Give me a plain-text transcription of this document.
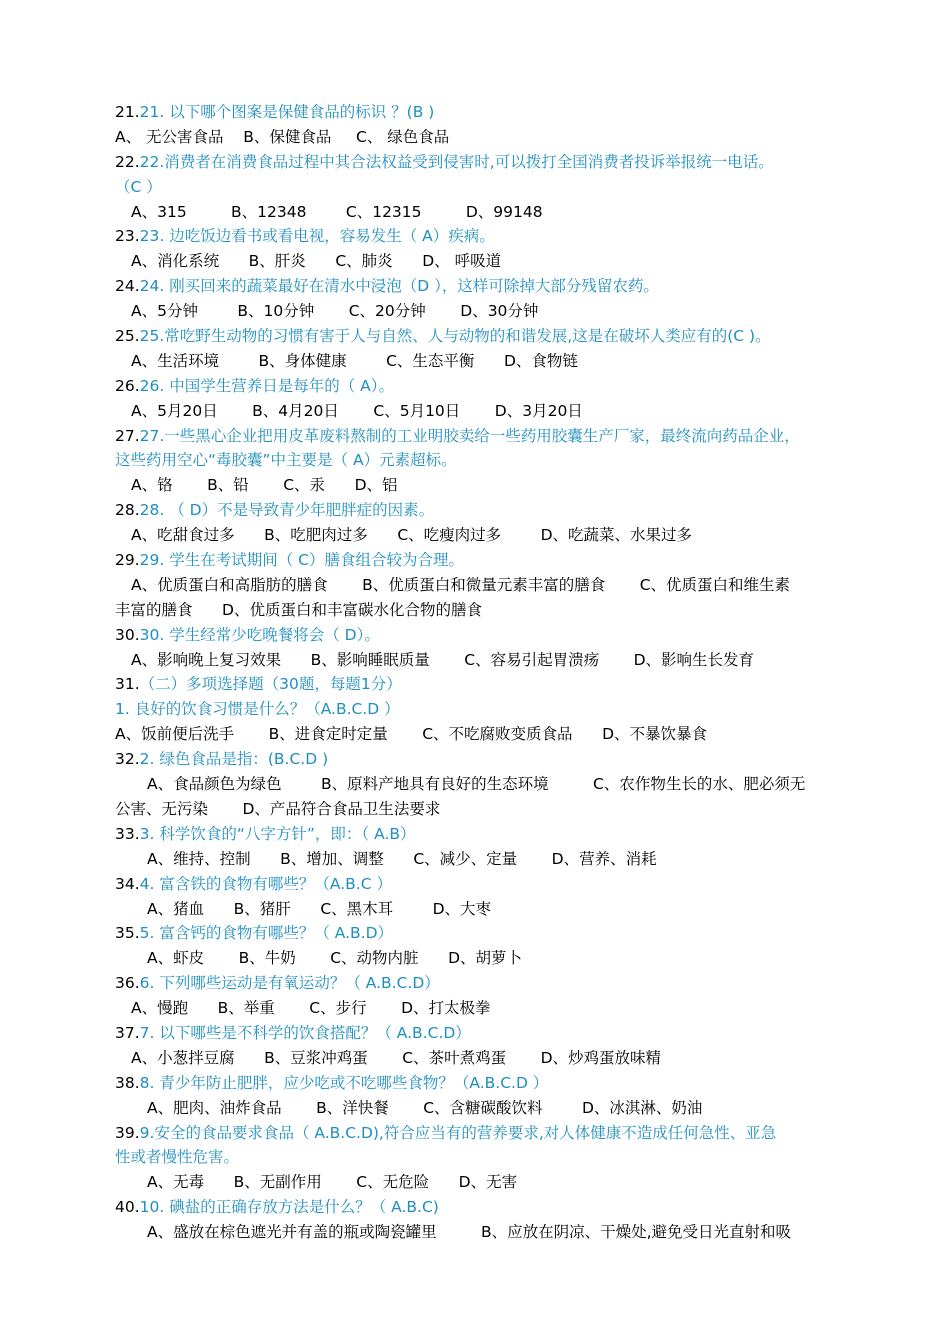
21.21. 以下哪个图案是保健食品的标识 ？(B )
A、 无公害食品    B、保健食品     C、 绿色食品
22.22.消费者在消费食品过程中其合法权益受到侵害时,可以拨打全国消费者投诉举报统一电话。
（C ）
A、315         B、12348        C、12315         D、99148
23.23. 边吃饭边看书或看电视，容易发生（ A）疾病。
A、消化系统      B、肝炎      C、肺炎      D、 呼吸道
24.24. 刚买回来的蔬菜最好在清水中浸泡（D ），这样可除掉大部分残留农药。
A、5分钟        B、10分钟       C、20分钟       D、30分钟
25.25.常吃野生动物的习惯有害于人与自然、人与动物的和谐发展,这是在破坏人类应有的(C )。
A、生活环境        B、身体健康        C、生态平衡      D、食物链
26.26. 中国学生营养日是每年的（ A）。
A、5月20日       B、4月20日       C、5月10日       D、3月20日
27.27.一些黑心企业把用皮革废料熬制的工业明胶卖给一些药用胶囊生产厂家，最终流向药品企业，
这些药用空心“毒胶囊”中主要是（ A）元素超标。
A、铬       B、铅       C、汞      D、铝
28.28. （ D）不是导致青少年肥胖症的因素。
A、吃甜食过多      B、吃肥肉过多      C、吃瘦肉过多        D、吃蔬菜、水果过多
29.29. 学生在考试期间（ C）膳食组合较为合理。
A、优质蛋白和高脂肪的膳食       B、优质蛋白和微量元素丰富的膳食       C、优质蛋白和维生素
丰富的膳食      D、优质蛋白和丰富碳水化合物的膳食
30.30. 学生经常少吃晚餐将会（ D）。
A、影响晚上复习效果      B、影响睡眠质量       C、容易引起胃溃疡       D、影响生长发育
31.（二）多项选择题（30题，每题1分）
1. 良好的饮食习惯是什么？（A.B.C.D ）
A、饭前便后洗手       B、进食定时定量       C、不吃腐败变质食品      D、不暴饮暴食
32.2. 绿色食品是指：(B.C.D )
A、食品颜色为绿色        B、原料产地具有良好的生态环境         C、农作物生长的水、肥必须无
公害、无污染       D、产品符合食品卫生法要求
33.3. 科学饮食的“八字方针”，即：（ A.B）
A、维持、控制      B、增加、调整      C、减少、定量       D、营养、消耗
34.4. 富含铁的食物有哪些？（A.B.C ）
A、猪血      B、猪肝      C、黑木耳        D、大枣
35.5. 富含钙的食物有哪些？（ A.B.D）
A、虾皮       B、牛奶       C、动物内脏      D、胡萝卜
36.6. 下列哪些运动是有氧运动？（ A.B.C.D）
A、慢跑      B、举重       C、步行       D、打太极拳
37.7. 以下哪些是不科学的饮食搭配？（ A.B.C.D）
A、小葱拌豆腐      B、豆浆冲鸡蛋       C、茶叶煮鸡蛋       D、炒鸡蛋放味精
38.8. 青少年防止肥胖，应少吃或不吃哪些食物？（A.B.C.D ）
A、肥肉、油炸食品       B、洋快餐       C、含糖碳酸饮料        D、冰淇淋、奶油
39.9.安全的食品要求食品（ A.B.C.D),符合应当有的营养要求,对人体健康不造成任何急性、亚急
性或者慢性危害。
A、无毒      B、无副作用       C、无危险      D、无害
40.10. 碘盐的正确存放方法是什么？（ A.B.C)
A、盛放在棕色遮光并有盖的瓶或陶瓷罐里         B、应放在阴凉、干燥处,避免受日光直射和吸
